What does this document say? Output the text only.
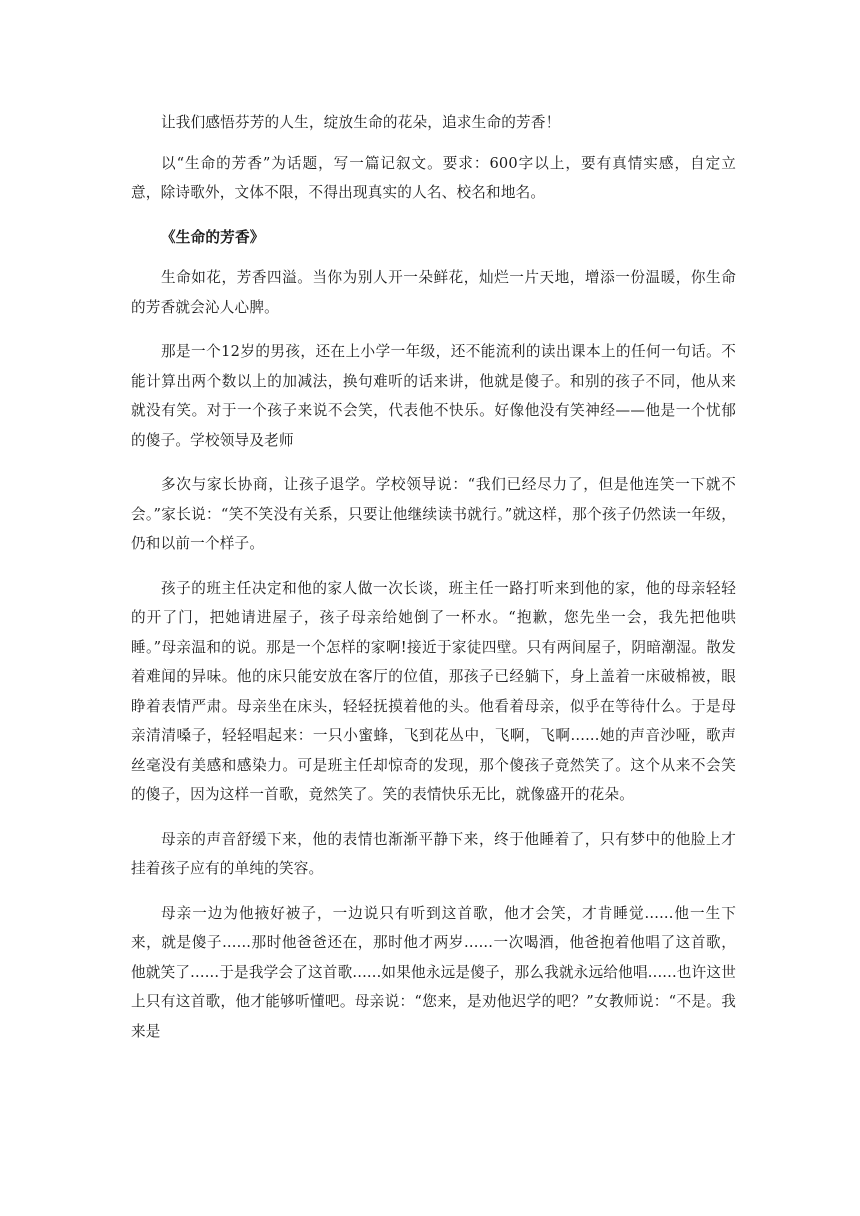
让我们感悟芬芳的人生，绽放生命的花朵，追求生命的芳香！

以“生命的芳香”为话题，写一篇记叙文。要求：600字以上，要有真情实感，自定立意，除诗歌外，文体不限，不得出现真实的人名、校名和地名。

《生命的芳香》

生命如花，芳香四溢。当你为别人开一朵鲜花，灿烂一片天地，增添一份温暖，你生命的芳香就会沁人心脾。

那是一个12岁的男孩，还在上小学一年级，还不能流利的读出课本上的任何一句话。不能计算出两个数以上的加减法，换句难听的话来讲，他就是傻子。和别的孩子不同，他从来就没有笑。对于一个孩子来说不会笑，代表他不快乐。好像他没有笑神经——他是一个忧郁的傻子。学校领导及老师

多次与家长协商，让孩子退学。学校领导说：“我们已经尽力了，但是他连笑一下就不会。”家长说：“笑不笑没有关系，只要让他继续读书就行。”就这样，那个孩子仍然读一年级，仍和以前一个样子。

孩子的班主任决定和他的家人做一次长谈，班主任一路打听来到他的家，他的母亲轻轻的开了门，把她请进屋子，孩子母亲给她倒了一杯水。“抱歉，您先坐一会，我先把他哄睡。”母亲温和的说。那是一个怎样的家啊!接近于家徒四壁。只有两间屋子，阴暗潮湿。散发着难闻的异味。他的床只能安放在客厅的位值，那孩子已经躺下，身上盖着一床破棉被，眼睁着表情严肃。母亲坐在床头，轻轻抚摸着他的头。他看着母亲，似乎在等待什么。于是母亲清清嗓子，轻轻唱起来：一只小蜜蜂，飞到花丛中，飞啊，飞啊......她的声音沙哑，歌声丝毫没有美感和感染力。可是班主任却惊奇的发现，那个傻孩子竟然笑了。这个从来不会笑的傻子，因为这样一首歌，竟然笑了。笑的表情快乐无比，就像盛开的花朵。

母亲的声音舒缓下来，他的表情也渐渐平静下来，终于他睡着了，只有梦中的他脸上才挂着孩子应有的单纯的笑容。

母亲一边为他掖好被子，一边说只有听到这首歌，他才会笑，才肯睡觉......他一生下来，就是傻子......那时他爸爸还在，那时他才两岁......一次喝酒，他爸抱着他唱了这首歌，他就笑了......于是我学会了这首歌......如果他永远是傻子，那么我就永远给他唱......也许这世上只有这首歌，他才能够听懂吧。母亲说：“您来，是劝他迟学的吧？”女教师说：“不是。我来是
